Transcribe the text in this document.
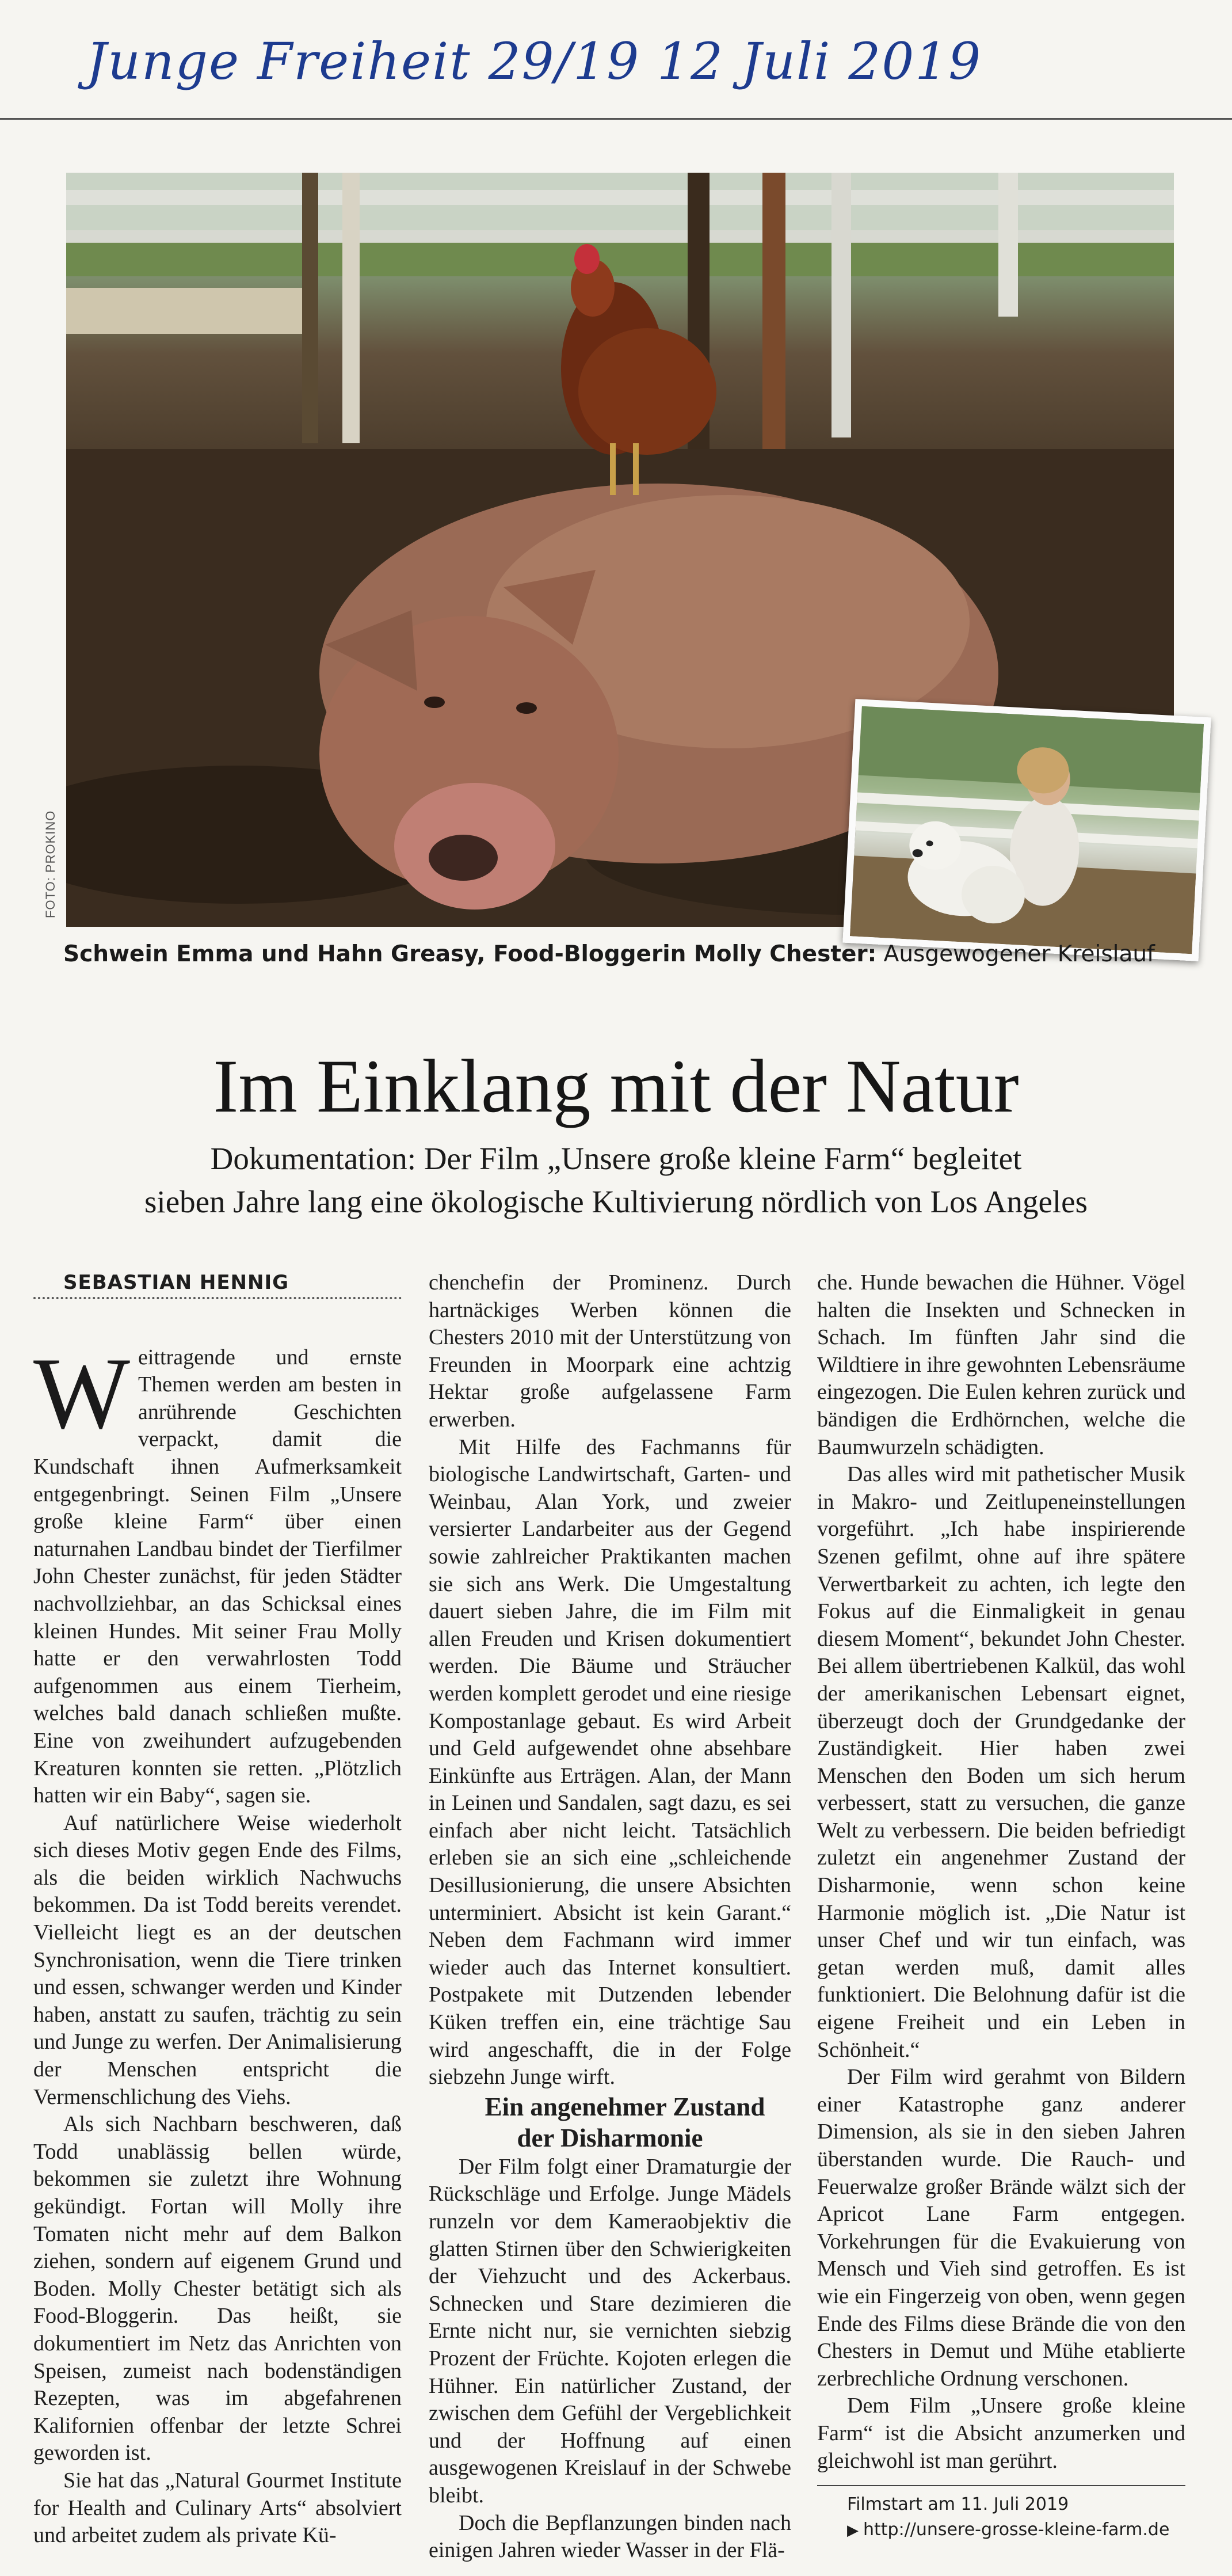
Junge Freiheit 29/19 12 Juli 2019
FOTO: PROKINO
Schwein Emma und Hahn Greasy, Food-Bloggerin Molly Chester: Ausgewogener Kreislauf
Im Einklang mit der Natur
Dokumentation: Der Film „Unsere große kleine Farm“ begleitet
sieben Jahre lang eine ökologische Kultivierung nördlich von Los Angeles

SEBASTIAN HENNIG

Weittragende und ernste Themen werden am besten in anrührende Geschichten verpackt, damit die Kundschaft ihnen Aufmerksamkeit entgegenbringt. Seinen Film „Unsere große kleine Farm“ über einen naturnahen Landbau bindet der Tierfilmer John Chester zunächst, für jeden Städter nachvollziehbar, an das Schicksal eines kleinen Hundes. Mit seiner Frau Molly hatte er den verwahrlosten Todd aufgenommen aus einem Tierheim, welches bald danach schließen mußte. Eine von zweihundert aufzugebenden Kreaturen konnten sie retten. „Plötzlich hatten wir ein Baby“, sagen sie.

Auf natürlichere Weise wiederholt sich dieses Motiv gegen Ende des Films, als die beiden wirklich Nachwuchs bekommen. Da ist Todd bereits verendet. Vielleicht liegt es an der deutschen Synchronisation, wenn die Tiere trinken und essen, schwanger werden und Kinder haben, anstatt zu saufen, trächtig zu sein und Junge zu werfen. Der Animalisierung der Menschen entspricht die Vermenschlichung des Viehs.

Als sich Nachbarn beschweren, daß Todd unablässig bellen würde, bekommen sie zuletzt ihre Wohnung gekündigt. Fortan will Molly ihre Tomaten nicht mehr auf dem Balkon ziehen, sondern auf eigenem Grund und Boden. Molly Chester betätigt sich als Food-Bloggerin. Das heißt, sie dokumentiert im Netz das Anrichten von Speisen, zumeist nach bodenständigen Rezepten, was im abgefahrenen Kalifornien offenbar der letzte Schrei geworden ist.

Sie hat das „Natural Gourmet Institute for Health and Culinary Arts“ absolviert und arbeitet zudem als private Kü-

chenchefin der Prominenz. Durch hartnäckiges Werben können die Chesters 2010 mit der Unterstützung von Freunden in Moorpark eine achtzig Hektar große aufgelassene Farm erwerben.

Mit Hilfe des Fachmanns für biologische Landwirtschaft, Garten- und Weinbau, Alan York, und zweier versierter Landarbeiter aus der Gegend sowie zahlreicher Praktikanten machen sie sich ans Werk. Die Umgestaltung dauert sieben Jahre, die im Film mit allen Freuden und Krisen dokumentiert werden. Die Bäume und Sträucher werden komplett gerodet und eine riesige Kompostanlage gebaut. Es wird Arbeit und Geld aufgewendet ohne absehbare Einkünfte aus Erträgen. Alan, der Mann in Leinen und Sandalen, sagt dazu, es sei einfach aber nicht leicht. Tatsächlich erleben sie an sich eine „schleichende Desillusionierung, die unsere Absichten unterminiert. Absicht ist kein Garant.“ Neben dem Fachmann wird immer wieder auch das Internet konsultiert. Postpakete mit Dutzenden lebender Küken treffen ein, eine trächtige Sau wird angeschafft, die in der Folge siebzehn Junge wirft.

Ein angenehmer Zustand
der Disharmonie

Der Film folgt einer Dramaturgie der Rückschläge und Erfolge. Junge Mädels runzeln vor dem Kameraobjektiv die glatten Stirnen über den Schwierigkeiten der Viehzucht und des Ackerbaus. Schnecken und Stare dezimieren die Ernte nicht nur, sie vernichten siebzig Prozent der Früchte. Kojoten erlegen die Hühner. Ein natürlicher Zustand, der zwischen dem Gefühl der Vergeblichkeit und der Hoffnung auf einen ausgewogenen Kreislauf in der Schwebe bleibt.

Doch die Bepflanzungen binden nach einigen Jahren wieder Wasser in der Flä-

che. Hunde bewachen die Hühner. Vögel halten die Insekten und Schnecken in Schach. Im fünften Jahr sind die Wildtiere in ihre gewohnten Lebensräume eingezogen. Die Eulen kehren zurück und bändigen die Erdhörnchen, welche die Baumwurzeln schädigten.

Das alles wird mit pathetischer Musik in Makro- und Zeitlupeneinstellungen vorgeführt. „Ich habe inspirierende Szenen gefilmt, ohne auf ihre spätere Verwertbarkeit zu achten, ich legte den Fokus auf die Einmaligkeit in genau diesem Moment“, bekundet John Chester. Bei allem übertriebenen Kalkül, das wohl der amerikanischen Lebensart eignet, überzeugt doch der Grundgedanke der Zuständigkeit. Hier haben zwei Menschen den Boden um sich herum verbessert, statt zu versuchen, die ganze Welt zu verbessern. Die beiden befriedigt zuletzt ein angenehmer Zustand der Disharmonie, wenn schon keine Harmonie möglich ist. „Die Natur ist unser Chef und wir tun einfach, was getan werden muß, damit alles funktioniert. Die Belohnung dafür ist die eigene Freiheit und ein Leben in Schönheit.“

Der Film wird gerahmt von Bildern einer Katastrophe ganz anderer Dimension, als sie in den sieben Jahren überstanden wurde. Die Rauch- und Feuerwalze großer Brände wälzt sich der Apricot Lane Farm entgegen. Vorkehrungen für die Evakuierung von Mensch und Vieh sind getroffen. Es ist wie ein Fingerzeig von oben, wenn gegen Ende des Films diese Brände die von den Chesters in Demut und Mühe etablierte zerbrechliche Ordnung verschonen.

Dem Film „Unsere große kleine Farm“ ist die Absicht anzumerken und gleichwohl ist man gerührt.

Filmstart am 11. Juli 2019

▶ http://unsere-grosse-kleine-farm.de
